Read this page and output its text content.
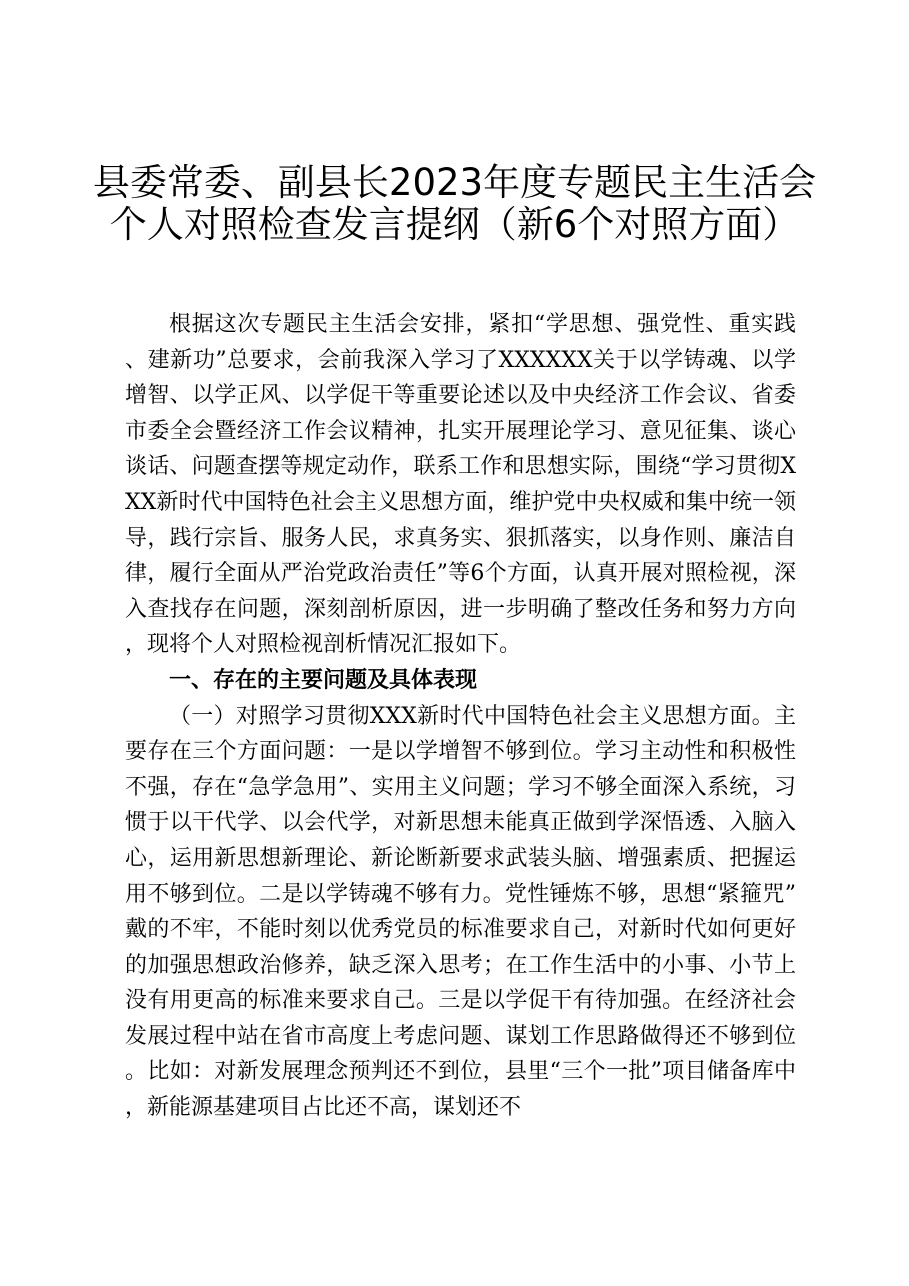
县委常委、副县长2023年度专题民主生活会
个人对照检查发言提纲（新6个对照方面）

根据这次专题民主生活会安排，紧扣“学思想、强党性、重实践、建新功”总要求，会前我深入学习了XXXXXX关于以学铸魂、以学增智、以学正风、以学促干等重要论述以及中央经济工作会议、省委市委全会暨经济工作会议精神，扎实开展理论学习、意见征集、谈心谈话、问题查摆等规定动作，联系工作和思想实际，围绕“学习贯彻XXX新时代中国特色社会主义思想方面，维护党中央权威和集中统一领导，践行宗旨、服务人民，求真务实、狠抓落实，以身作则、廉洁自律，履行全面从严治党政治责任”等6个方面，认真开展对照检视，深入查找存在问题，深刻剖析原因，进一步明确了整改任务和努力方向，现将个人对照检视剖析情况汇报如下。

一、存在的主要问题及具体表现

（一）对照学习贯彻XXX新时代中国特色社会主义思想方面。主要存在三个方面问题：一是以学增智不够到位。学习主动性和积极性不强，存在“急学急用”、实用主义问题；学习不够全面深入系统，习惯于以干代学、以会代学，对新思想未能真正做到学深悟透、入脑入心，运用新思想新理论、新论断新要求武装头脑、增强素质、把握运用不够到位。二是以学铸魂不够有力。党性锤炼不够，思想“紧箍咒”戴的不牢，不能时刻以优秀党员的标准要求自己，对新时代如何更好的加强思想政治修养，缺乏深入思考；在工作生活中的小事、小节上没有用更高的标准来要求自己。三是以学促干有待加强。在经济社会发展过程中站在省市高度上考虑问题、谋划工作思路做得还不够到位。比如：对新发展理念预判还不到位，县里“三个一批”项目储备库中，新能源基建项目占比还不高，谋划还不
